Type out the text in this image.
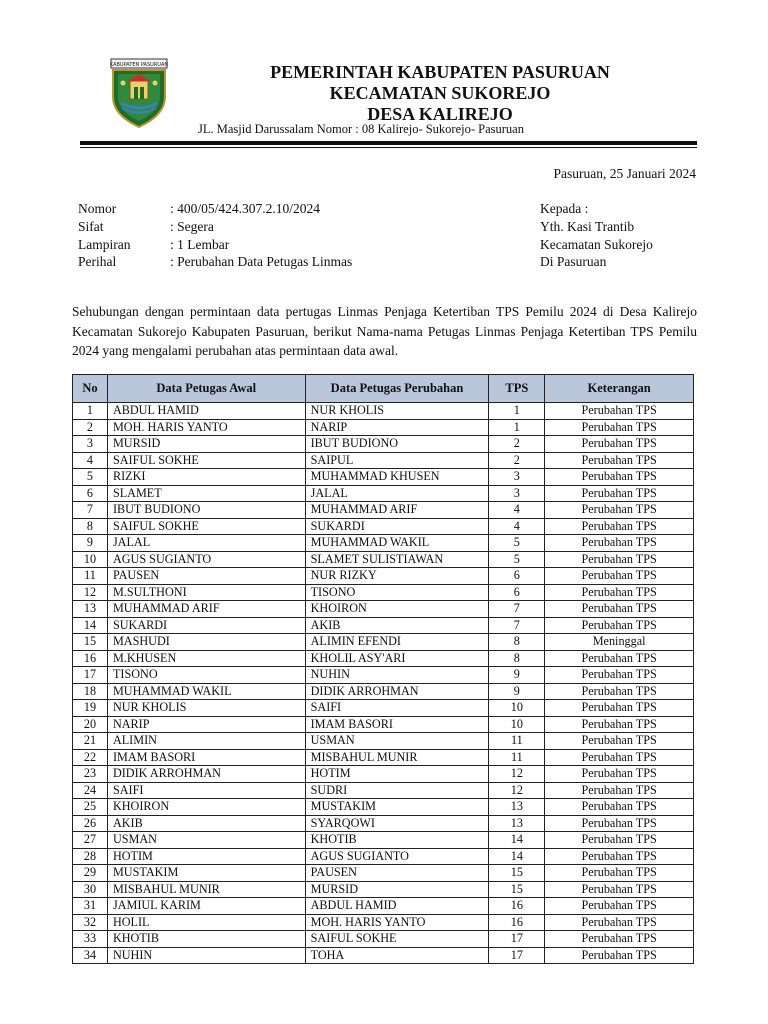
KABUPATEN PASURUAN	PEMERINTAH KABUPATEN PASURUAN
KECAMATAN SUKOREJO
DESA KALIREJO
JL. Masjid Darussalam Nomor : 08 Kalirejo- Sukorejo- Pasuruan
Pasuruan, 25 Januari 2024
Nomor	: 400/05/424.307.2.10/2024
Sifat	: Segera
Lampiran	: 1 Lembar
Perihal	: Perubahan Data Petugas Linmas
Kepada :
Yth. Kasi Trantib
Kecamatan Sukorejo
Di Pasuruan
Sehubungan dengan permintaan data pertugas Linmas Penjaga Ketertiban TPS Pemilu 2024 di Desa Kalirejo Kecamatan Sukorejo Kabupaten Pasuruan, berikut Nama-nama Petugas Linmas Penjaga Ketertiban TPS Pemilu 2024 yang mengalami perubahan atas permintaan data awal.
No	Data Petugas Awal	Data Petugas Perubahan	TPS	Keterangan
1	ABDUL HAMID	NUR KHOLIS	1	Perubahan TPS
2	MOH. HARIS YANTO	NARIP	1	Perubahan TPS
3	MURSID	IBUT BUDIONO	2	Perubahan TPS
4	SAIFUL SOKHE	SAIPUL	2	Perubahan TPS
5	RIZKI	MUHAMMAD KHUSEN	3	Perubahan TPS
6	SLAMET	JALAL	3	Perubahan TPS
7	IBUT BUDIONO	MUHAMMAD ARIF	4	Perubahan TPS
8	SAIFUL SOKHE	SUKARDI	4	Perubahan TPS
9	JALAL	MUHAMMAD WAKIL	5	Perubahan TPS
10	AGUS SUGIANTO	SLAMET SULISTIAWAN	5	Perubahan TPS
11	PAUSEN	NUR RIZKY	6	Perubahan TPS
12	M.SULTHONI	TISONO	6	Perubahan TPS
13	MUHAMMAD ARIF	KHOIRON	7	Perubahan TPS
14	SUKARDI	AKIB	7	Perubahan TPS
15	MASHUDI	ALIMIN EFENDI	8	Meninggal
16	M.KHUSEN	KHOLIL ASY'ARI	8	Perubahan TPS
17	TISONO	NUHIN	9	Perubahan TPS
18	MUHAMMAD WAKIL	DIDIK ARROHMAN	9	Perubahan TPS
19	NUR KHOLIS	SAIFI	10	Perubahan TPS
20	NARIP	IMAM BASORI	10	Perubahan TPS
21	ALIMIN	USMAN	11	Perubahan TPS
22	IMAM BASORI	MISBAHUL MUNIR	11	Perubahan TPS
23	DIDIK ARROHMAN	HOTIM	12	Perubahan TPS
24	SAIFI	SUDRI	12	Perubahan TPS
25	KHOIRON	MUSTAKIM	13	Perubahan TPS
26	AKIB	SYARQOWI	13	Perubahan TPS
27	USMAN	KHOTIB	14	Perubahan TPS
28	HOTIM	AGUS SUGIANTO	14	Perubahan TPS
29	MUSTAKIM	PAUSEN	15	Perubahan TPS
30	MISBAHUL MUNIR	MURSID	15	Perubahan TPS
31	JAMIUL KARIM	ABDUL HAMID	16	Perubahan TPS
32	HOLIL	MOH. HARIS YANTO	16	Perubahan TPS
33	KHOTIB	SAIFUL SOKHE	17	Perubahan TPS
34	NUHIN	TOHA	17	Perubahan TPS
